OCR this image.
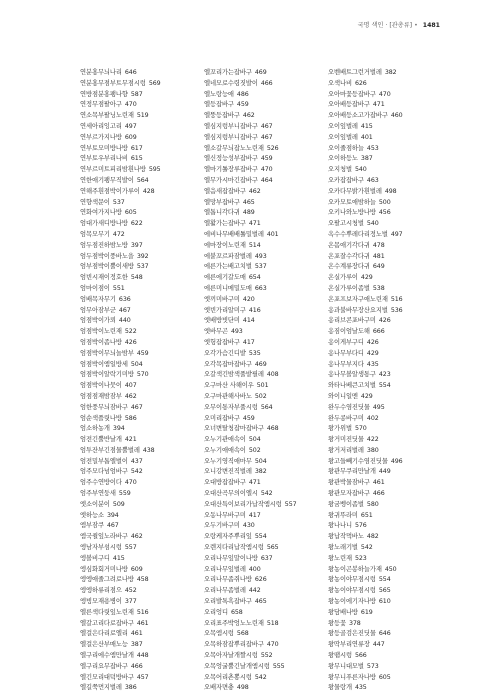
국명 색인 · [관총류] • 1481
연분홍무늬나리 646
연분홍무점부트무점시렁 569
연방점분홍팽나향 587
연정무점팔아구 470
연소목부팔닝노린재 519
연세아리잉고리 497
연부르가지나방 609
연부토모미방나방 617
연부토우부리나비 615
연부르미트피리밤흰나방 595
연한애기팽무직발이 564
연해주흰점박이가루이 428
연향색문이 537
연화여가지나방 605
엄대가새디방나방 622
엄목모무기 472
엄두점진하밤노방 397
엄두점박이풍바노을 392
엄부점박이뿔이새방 537
엄빈시재이정호한 548
엄마이점이 551
엄배목자무기 636
엄무아잠부군 467
엄점박이가뢰 440
엄점박이노린재 522
엄점박이좀나방 426
엄점박이무늬놀밤부 459
엄점박이엠일방세 504
엄점박이알락기미방 570
엄점박이나뭇이 407
엄점점재밤잠부 462
엄한풍무늬잠바구 467
엄순색플릿나방 586
엄소하농개 394
엄전긴뿔반날개 421
엄투잔부긴점물뿔벌레 438
엄전밀부톱엘벌이 437
엄주모다넘엄바구 542
엄주수연방이다 470
엄주부연둥새 559
엣소이분이 509
엣하능소 394
엠부잠쿠 467
엠국쥘잎노라바구 462
엥남자부섬시렁 557
엥볼비구디 415
엥심화회거미나방 609
엥엥애줄그려로나방 458
엥엥하류리점으 452
엥빙모재용병이 377
엘른색다릿잎노린재 516
엘갈고리다로잡바구 461
엘걸은다리로엘리 461
엘걸은산부매노능 387
엘구리에수엠만날개 448
엘구리요무잡바구 466
엘긴모리대덕방바구 457
엘길쭉먼지벌레 386
엘꼬리가는잡바구 469
엘네모로수령짓발이 466
엘노랑능애 486
엘등잡바구 459
엘뚱등잡바구 462
엘심지렁부니잡바구 467
엘심지렁부니잡바구 467
엘소갈무늬잡노노린재 526
엘신정능성부잡바구 459
엘마기톨장루잡바구 470
엘무가시마긴잡바구 464
엘음새잡잡바구 462
엘망부잡바구 465
엘톱니각다귀 489
엘활가는잡바구 471
에비나무배배톨밀벌레 401
에마장이노린재 514
에붙꼬르파잠벌레 493
에른가는배고치벌 537
에른에기갈도매 654
에른미니메밀도매 663
엣끼미바구미 420
엣빈가리알미구 416
엣배방빗단미 414
엣바무곤 493
엣헝잡잡바구 417
오각가슴긴디밭 535
오각목잡마잡바구 469
오갈색긴밤색풀밭필레 408
오구마산 사해이우 501
오구마관해사바노 502
오무이통자부풀시렁 564
오미리잡바구 459
오너변탈청잡마잡바구 468
오누기관애속이 504
오누기애애속이 502
오누기영직애마무 504
오니강변진직벌레 382
오대방잡잡바구 471
오대산곡무의이엘시 542
오대산특이보리가납작엠시렁 557
오동나무바구미 417
오두기바구미 430
오랑케자주뿌리잎 554
오렌지다리납작엠시렁 565
오리나무잎말이나방 637
오리나무잎벌레 400
오리나무좁쥐나방 626
오리나무좀벌레 442
오리발톡흑잡바구 465
오리엉디 658
오리표주박엉노노린재 518
오목엠시렁 568
오목하잠잡뿌리잡바구 470
오목아자날개짤시렁 552
오목엉굴뿔긴날개엠시렁 555
오목어리촌뽕시렁 542
오배자면충 498
오벤배트그런거벌레 382
오색나비 626
오아마꽃등잡바구 470
오아배등잡바구 471
오아배등소고가잡바구 460
오이잎벌레 415
오이잎벌레 401
오이줄점하늘 453
오이하등노 387
오지청벌 540
오카잡잡바구 463
오카다무밝가흰벌레 498
오카모토애밤하늘 500
오키나와노방나방 456
오팔고시청벌 540
옥수수뿌레다리정노벌 497
온몸애기각다귀 478
온포잘수각다귀 481
온수계류장다귀 649
온실가루이 429
온실가루이좀벌 538
온포프보자구애노린재 516
옹과불바무장산요지벌 536
옹리브콘포바구미 426
옹짐이엄날도해 666
옹이게부구디 426
옹나무부다디 429
옹나무부지다 435
옹나무볼알생통구 423
와타나베큰고치벌 554
와이니일멘 429
완두수염진딧물 495
완두콩바구미 402
왕가위벌 570
왕거미진딧물 422
왕거저리벌레 380
왕고들빼기수염진딧물 496
왕관무쿠리만날개 449
왕관박물잠바구 461
왕관모자잡바구 466
왕굼벵이좀벌 580
왕귀뚜라미 651
왕나나니 576
왕납작먹바노 482
왕노래기벌 542
왕노린재 523
왕농이곤봉하늘가재 450
왕농이야무점시렁 554
왕농이야무점시렁 565
왕농이에기자나방 610
왕담배나방 619
왕등꽃 378
왕등골검은진딧물 646
왕딱부리연류장 447
왕땜시렁 566
왕무니대모벌 573
왕무니푸른자나방 605
왕물랑개 435
